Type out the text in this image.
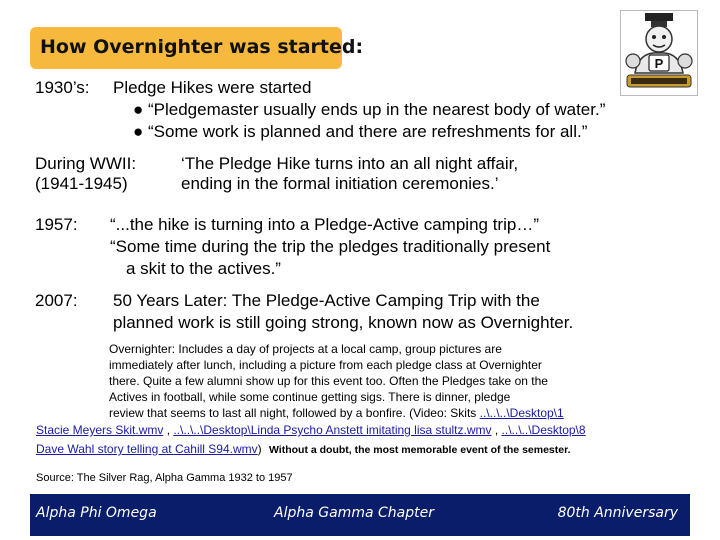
How Overnighter was started:
P
1930’s: Pledge Hikes were started
● “Pledgemaster usually ends up in the nearest body of water.”
● “Some work is planned and there are refreshments for all.”
During WWII:
(1941-1945)
‘The Pledge Hike turns into an all night affair,
ending in the formal initiation ceremonies.’
1957: “...the hike is turning into a Pledge-Active camping trip…”
“Some time during the trip the pledges traditionally present
a skit to the actives.”
2007: 50 Years Later: The Pledge-Active Camping Trip with the
planned work is still going strong, known now as Overnighter.
Overnighter: Includes a day of projects at a local camp, group pictures are
immediately after lunch, including a picture from each pledge class at Overnighter
there. Quite a few alumni show up for this event too. Often the Pledges take on the
Actives in football, while some continue getting sigs. There is dinner, pledge
review that seems to last all night, followed by a bonfire. (Video: Skits ..\..\..\Desktop\1
Stacie Meyers Skit.wmv , ..\..\..\Desktop\Linda Psycho Anstett imitating lisa stultz.wmv , ..\..\..\Desktop\8
Dave Wahl story telling at Cahill S94.wmv) Without a doubt, the most memorable event of the semester.
Source: The Silver Rag, Alpha Gamma 1932 to 1957
Alpha Phi Omega	Alpha Gamma Chapter	80th Anniversary
